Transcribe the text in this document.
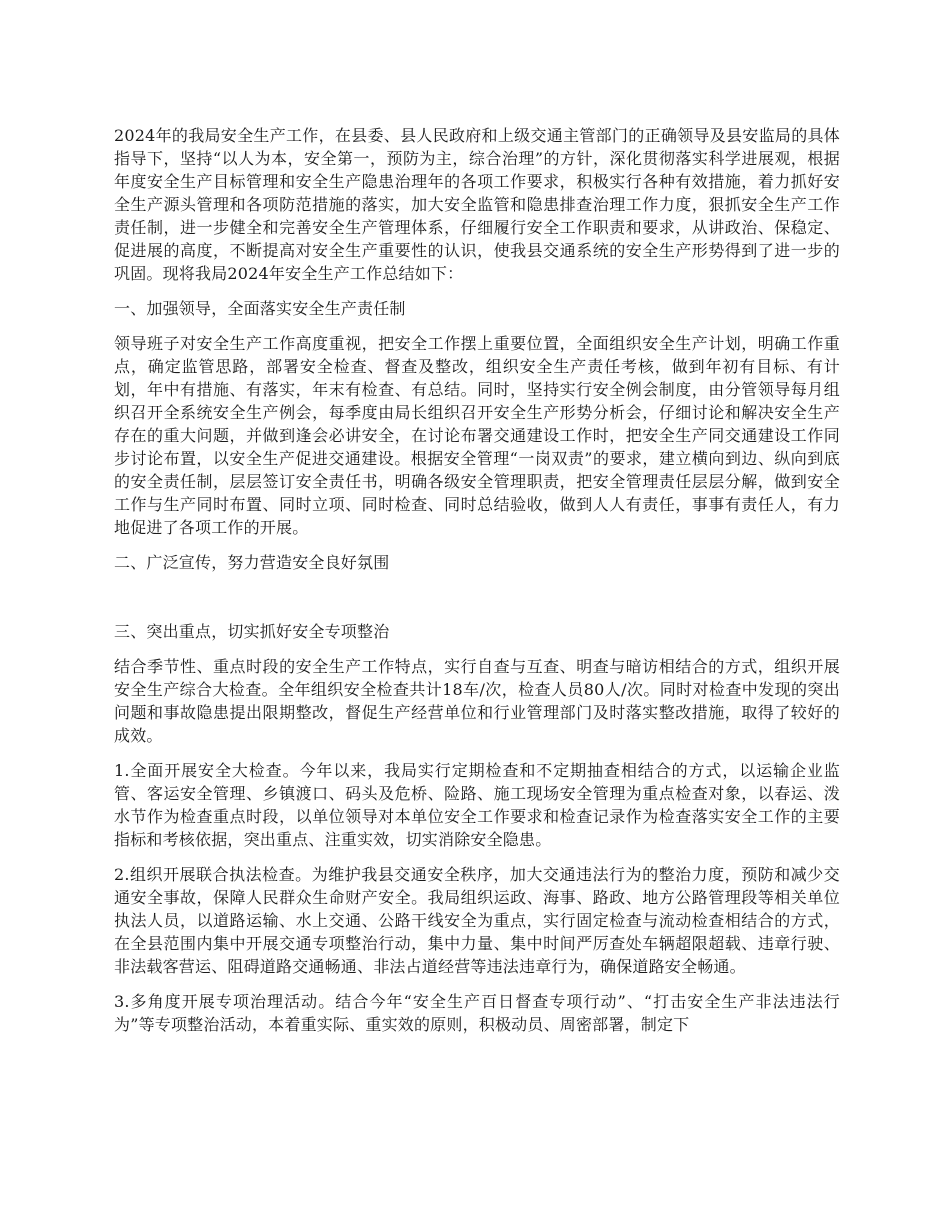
2024年的我局安全生产工作，在县委、县人民政府和上级交通主管部门的正确领导及县安监局的具体指导下，坚持“以人为本，安全第一，预防为主，综合治理”的方针，深化贯彻落实科学进展观，根据年度安全生产目标管理和安全生产隐患治理年的各项工作要求，积极实行各种有效措施，着力抓好安全生产源头管理和各项防范措施的落实，加大安全监管和隐患排查治理工作力度，狠抓安全生产工作责任制，进一步健全和完善安全生产管理体系，仔细履行安全工作职责和要求，从讲政治、保稳定、促进展的高度，不断提高对安全生产重要性的认识，使我县交通系统的安全生产形势得到了进一步的巩固。现将我局2024年安全生产工作总结如下：

一、加强领导，全面落实安全生产责任制

领导班子对安全生产工作高度重视，把安全工作摆上重要位置，全面组织安全生产计划，明确工作重点，确定监管思路，部署安全检查、督查及整改，组织安全生产责任考核，做到年初有目标、有计划，年中有措施、有落实，年末有检查、有总结。同时，坚持实行安全例会制度，由分管领导每月组织召开全系统安全生产例会，每季度由局长组织召开安全生产形势分析会，仔细讨论和解决安全生产存在的重大问题，并做到逢会必讲安全，在讨论布署交通建设工作时，把安全生产同交通建设工作同步讨论布置，以安全生产促进交通建设。根据安全管理“一岗双责”的要求，建立横向到边、纵向到底的安全责任制，层层签订安全责任书，明确各级安全管理职责，把安全管理责任层层分解，做到安全工作与生产同时布置、同时立项、同时检查、同时总结验收，做到人人有责任，事事有责任人，有力地促进了各项工作的开展。

二、广泛宣传，努力营造安全良好氛围

三、突出重点，切实抓好安全专项整治

结合季节性、重点时段的安全生产工作特点，实行自查与互查、明查与暗访相结合的方式，组织开展安全生产综合大检查。全年组织安全检查共计18车/次，检查人员80人/次。同时对检查中发现的突出问题和事故隐患提出限期整改，督促生产经营单位和行业管理部门及时落实整改措施，取得了较好的成效。

1.全面开展安全大检查。今年以来，我局实行定期检查和不定期抽查相结合的方式，以运输企业监管、客运安全管理、乡镇渡口、码头及危桥、险路、施工现场安全管理为重点检查对象，以春运、泼水节作为检查重点时段，以单位领导对本单位安全工作要求和检查记录作为检查落实安全工作的主要指标和考核依据，突出重点、注重实效，切实消除安全隐患。

2.组织开展联合执法检查。为维护我县交通安全秩序，加大交通违法行为的整治力度，预防和减少交通安全事故，保障人民群众生命财产安全。我局组织运政、海事、路政、地方公路管理段等相关单位执法人员，以道路运输、水上交通、公路干线安全为重点，实行固定检查与流动检查相结合的方式，在全县范围内集中开展交通专项整治行动，集中力量、集中时间严厉查处车辆超限超载、违章行驶、非法载客营运、阻碍道路交通畅通、非法占道经营等违法违章行为，确保道路安全畅通。

3.多角度开展专项治理活动。结合今年“安全生产百日督查专项行动”、“打击安全生产非法违法行为”等专项整治活动，本着重实际、重实效的原则，积极动员、周密部署，制定下
